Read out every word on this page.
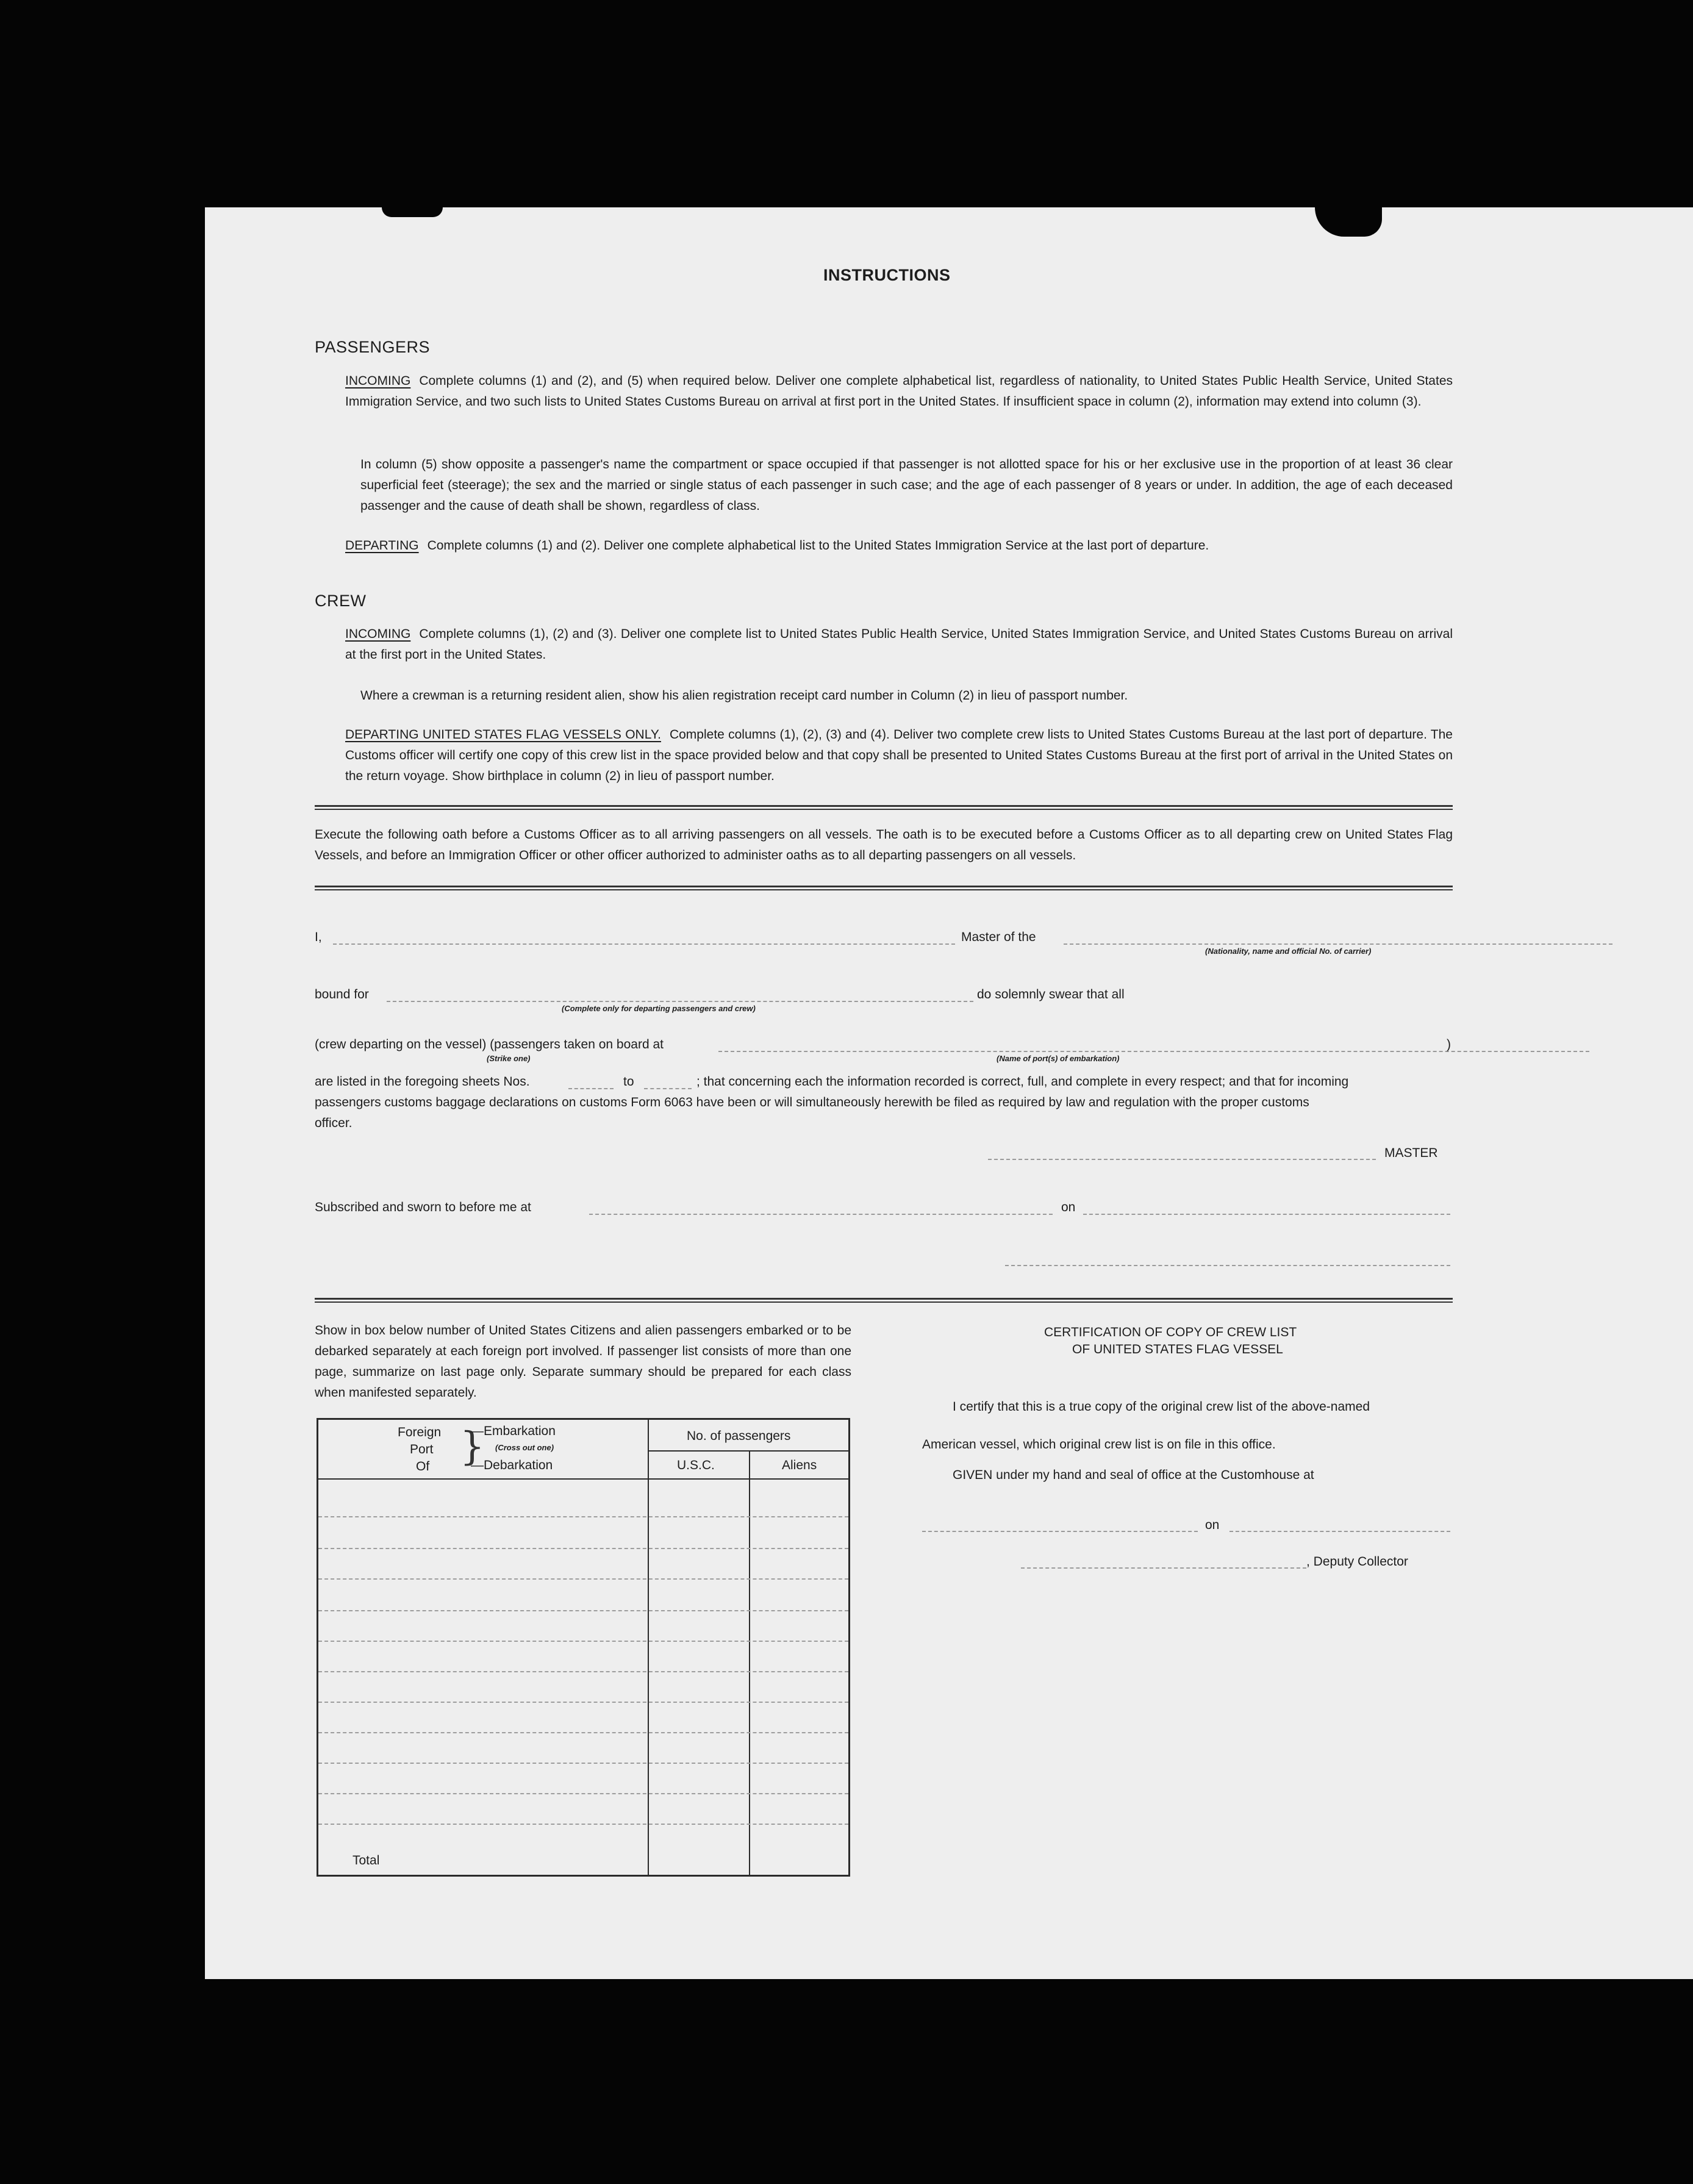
INSTRUCTIONS
PASSENGERS
INCOMING Complete columns (1) and (2), and (5) when required below. Deliver one complete alphabetical list, regardless of nationality, to United States Public Health Service, United States Immigration Service, and two such lists to United States Customs Bureau on arrival at first port in the United States. If insufficient space in column (2), information may extend into column (3).
In column (5) show opposite a passenger's name the compartment or space occupied if that passenger is not allotted space for his or her exclusive use in the proportion of at least 36 clear superficial feet (steerage); the sex and the married or single status of each passenger in such case; and the age of each passenger of 8 years or under. In addition, the age of each deceased passenger and the cause of death shall be shown, regardless of class.
DEPARTING Complete columns (1) and (2). Deliver one complete alphabetical list to the United States Immigration Service at the last port of departure.
CREW
INCOMING Complete columns (1), (2) and (3). Deliver one complete list to United States Public Health Service, United States Immigration Service, and United States Customs Bureau on arrival at the first port in the United States.
Where a crewman is a returning resident alien, show his alien registration receipt card number in Column (2) in lieu of passport number.
DEPARTING UNITED STATES FLAG VESSELS ONLY. Complete columns (1), (2), (3) and (4). Deliver two complete crew lists to United States Customs Bureau at the last port of departure. The Customs officer will certify one copy of this crew list in the space provided below and that copy shall be presented to United States Customs Bureau at the first port of arrival in the United States on the return voyage. Show birthplace in column (2) in lieu of passport number.
Execute the following oath before a Customs Officer as to all arriving passengers on all vessels. The oath is to be executed before a Customs Officer as to all departing crew on United States Flag Vessels, and before an Immigration Officer or other officer authorized to administer oaths as to all departing passengers on all vessels.
I,	Master of the
(Nationality, name and official No. of carrier)
bound for
(Complete only for departing passengers and crew)
do solemnly swear that all
(crew departing on the vessel) (passengers taken on board at	)
(Strike one)	(Name of port(s) of embarkation)
are listed in the foregoing sheets Nos.	to	; that concerning each the information recorded is correct, full, and complete in every respect; and that for incoming
passengers customs baggage declarations on customs Form 6063 have been or will simultaneously herewith be filed as required by law and regulation with the proper customs
officer.
MASTER
Subscribed and sworn to before me at	on
Show in box below number of United States Citizens and alien passengers embarked or to be debarked separately at each foreign port involved. If passenger list consists of more than one page, summarize on last page only. Separate summary should be prepared for each class when manifested separately.
Foreign
Port
Of }
—Embarkation
(Cross out one)
—Debarkation
No. of passengers
U.S.C.	Aliens
Total
CERTIFICATION OF COPY OF CREW LIST
OF UNITED STATES FLAG VESSEL
I certify that this is a true copy of the original crew list of the above-named
American vessel, which original crew list is on file in this office.
GIVEN under my hand and seal of office at the Customhouse at
on
, Deputy Collector
